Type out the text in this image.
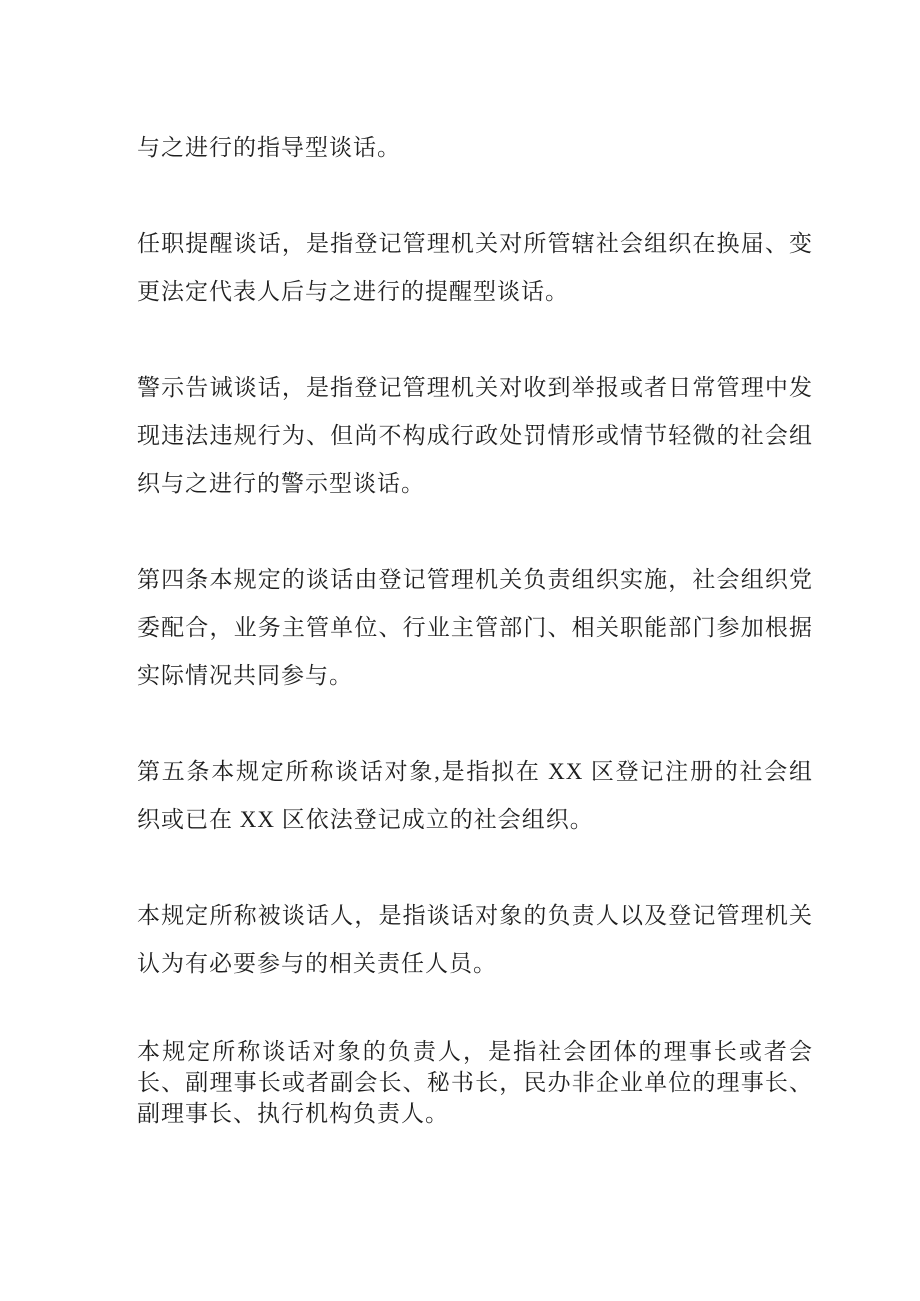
与之进行的指导型谈话。

任职提醒谈话，是指登记管理机关对所管辖社会组织在换届、变更法定代表人后与之进行的提醒型谈话。

警示告诫谈话，是指登记管理机关对收到举报或者日常管理中发现违法违规行为、但尚不构成行政处罚情形或情节轻微的社会组织与之进行的警示型谈话。

第四条本规定的谈话由登记管理机关负责组织实施，社会组织党委配合，业务主管单位、行业主管部门、相关职能部门参加根据实际情况共同参与。

第五条本规定所称谈话对象,是指拟在 XX 区登记注册的社会组织或已在 XX 区依法登记成立的社会组织。

本规定所称被谈话人，是指谈话对象的负责人以及登记管理机关认为有必要参与的相关责任人员。

本规定所称谈话对象的负责人，是指社会团体的理事长或者会长、副理事长或者副会长、秘书长，民办非企业单位的理事长、副理事长、执行机构负责人。
